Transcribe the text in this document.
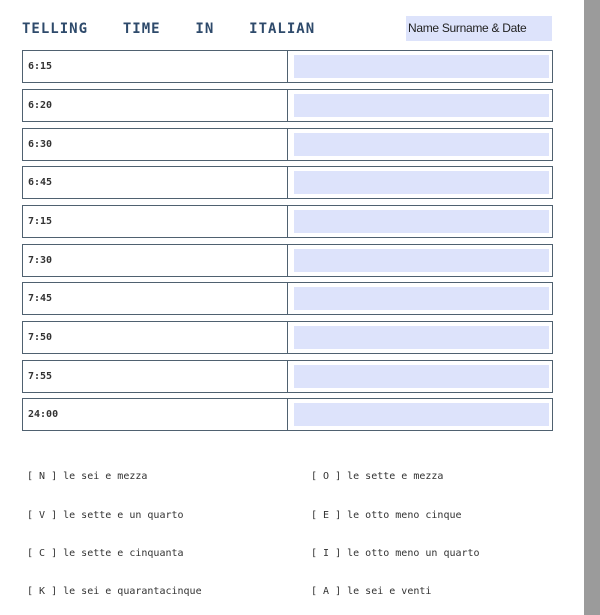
TELLING  TIME  IN  ITALIAN	Name Surname & Date
6:15
6:20
6:30
6:45
7:15
7:30
7:45
7:50
7:55
24:00
[ N ] le sei e mezza	[ O ] le sette e mezza
[ V ] le sette e un quarto	[ E ] le otto meno cinque
[ C ] le sette e cinquanta	[ I ] le otto meno un quarto
[ K ] le sei e quarantacinque	[ A ] le sei e venti
